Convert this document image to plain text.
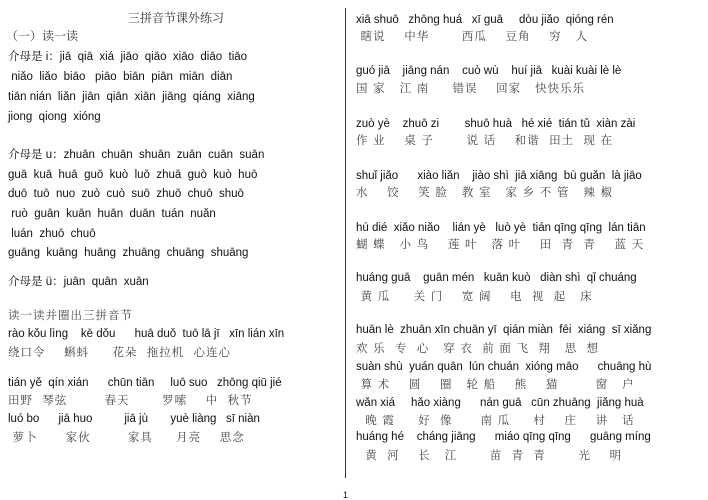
三拼音节课外练习
（一）读一读
介母是 i：jiā  qiā  xiá  jiāo  qiāo  xiāo  diāo  tiāo
niǎo  liǎo  biāo   piāo  biān  piān  miān  diān
tiān nián  liǎn  jiān  qiān  xiān  jiāng  qiáng  xiāng
jiong  qiong  xióng
介母是 u：zhuān  chuān  shuān  zuān  cuān  suān
guā  kuā  huā  guō  kuò  luō  zhuā  guò  kuò  huō
duō  tuō  nuo  zuò  cuò  suō  zhuō  chuō  shuō
ruò  guān  kuān  huān  duān  tuán  nuǎn
luán  zhuō  chuō
guāng  kuāng  huāng  zhuāng  chuāng  shuāng
介母是 ü：juān  quān  xuān
读一读并圈出三拼音节
rào kǒu lìng    kē dǒu      huā duǒ  tuō lā jī   xīn lián xīn
绕口令    蝌蚪     花朵  拖拉机  心连心
tián yě  qín xián      chūn tiān     luō suo   zhōng qiū jié
田野  琴弦        春天       罗嗦    中  秋节
luó bo      jiā huo          jiā jù       yuè liàng   sī niàn
萝卜      家伙        家具     月亮    思念
xiā shuō   zhōng huá   xī guā     dòu jiǎo  qióng rén
瞎说    中华       西瓜    豆角    穷   人
guó jiā    jiāng nán    cuò wù    huí jiā   kuài kuài lè lè
国 家   江 南     错误    回家   快快乐乐
zuò yè    zhuō zi        shuō huà   hé xié  tián tǔ  xiàn zài
作 业    桌 子       说 话    和谐  田土  现 在
shuǐ jiǎo      xiào liǎn    jiào shì  jiā xiāng  bù guǎn  là jiāo
水    饺    笑 脸   教 室   家 乡 不 管   辣 椒
hú dié  xiǎo niǎo    lián yè   luò yè  tián qīng qīng  lán tiān
蝴 蝶   小 鸟    莲 叶   落 叶    田  青  青    蓝 天
huáng guā    guān mén   kuān kuò   diàn shì  qǐ chuáng
黄 瓜     关 门    宽 阔    电  视  起   床
huān lè  zhuān xīn chuān yī  qián miàn  fēi  xiáng  sī xiǎng
欢 乐  专  心   穿 衣  前 面 飞  翔   思  想
suàn shù  yuán quān  lún chuán  xióng māo      chuāng hù
算 术    圆    圈   轮 船    熊    猫        窗   户
wǎn xiá     hǎo xiàng      nán guā   cūn zhuāng  jiǎng huà
晚 霞     好  像      南 瓜     村    庄    讲   话
huáng hé    cháng jiāng      miáo qīng qīng      guāng míng
黄  河    长   江       苗  青  青       光    明
1
